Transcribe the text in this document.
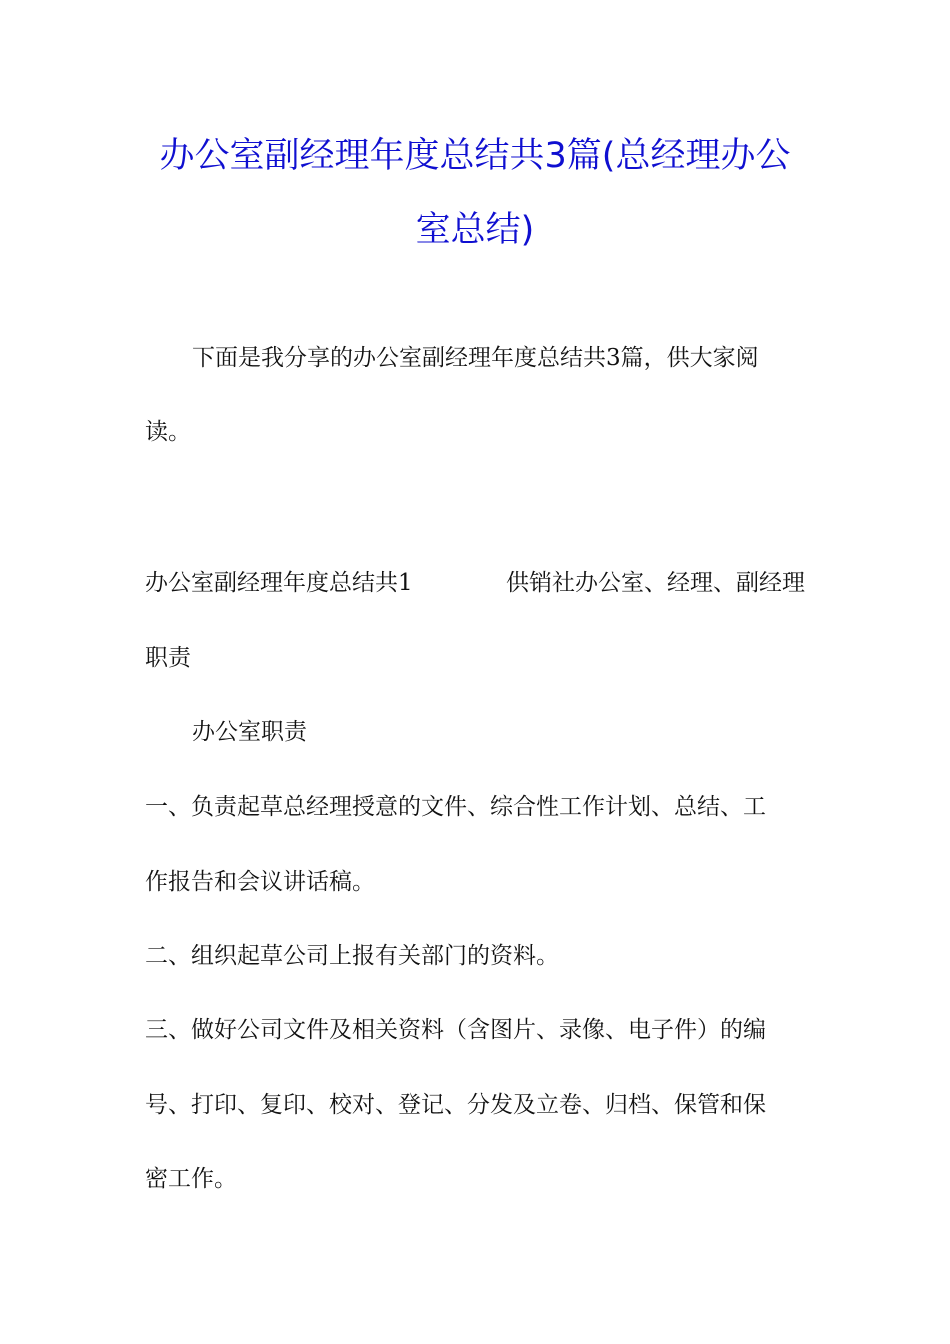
办公室副经理年度总结共3篇(总经理办公室总结)

下面是我分享的办公室副经理年度总结共3篇，供大家阅

读。

办公室副经理年度总结共1	供销社办公室、经理、副经理

职责

办公室职责

一、负责起草总经理授意的文件、综合性工作计划、总结、工

作报告和会议讲话稿。

二、组织起草公司上报有关部门的资料。

三、做好公司文件及相关资料（含图片、录像、电子件）的编

号、打印、复印、校对、登记、分发及立卷、归档、保管和保

密工作。
